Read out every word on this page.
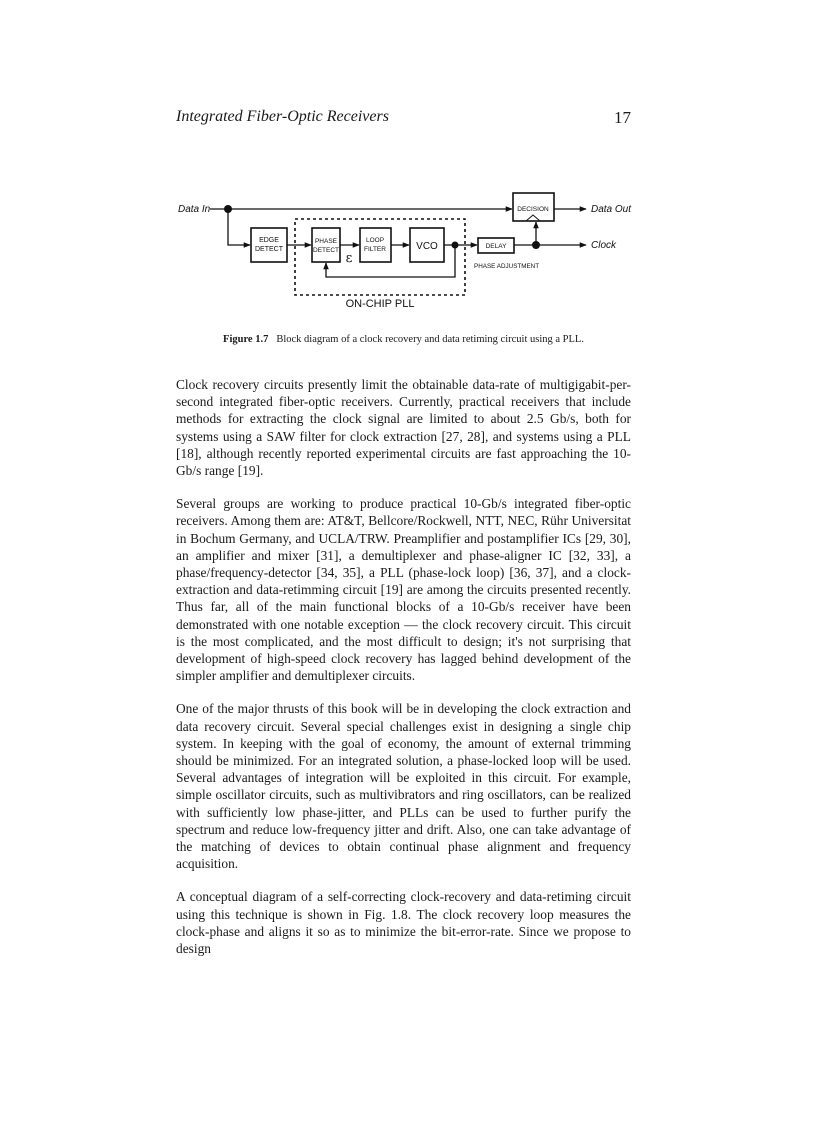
Integrated Fiber-Optic Receivers	17
Data In
EDGE
DETECT
ON-CHIP PLL
PHASE
DETECT
ε
LOOP
FILTER	VCO	DELAY
PHASE ADJUSTMENT
Clock
DECISION	Data Out
Figure 1.7 Block diagram of a clock recovery and data retiming circuit using a PLL.

Clock recovery circuits presently limit the obtainable data-rate of multigigabit-per-second integrated fiber-optic receivers. Currently, practical receivers that include methods for extracting the clock signal are limited to about 2.5 Gb/s, both for systems using a SAW filter for clock extraction [27, 28], and systems using a PLL [18], although recently reported experimental circuits are fast approaching the 10-Gb/s range [19].

Several groups are working to produce practical 10-Gb/s integrated fiber-optic receivers. Among them are: AT&T, Bellcore/Rockwell, NTT, NEC, Rühr Universitat in Bochum Germany, and UCLA/TRW. Preamplifier and postamplifier ICs [29, 30], an amplifier and mixer [31], a demultiplexer and phase-aligner IC [32, 33], a phase/frequency-detector [34, 35], a PLL (phase-lock loop) [36, 37], and a clock-extraction and data-retimming circuit [19] are among the circuits presented recently. Thus far, all of the main functional blocks of a 10-Gb/s receiver have been demonstrated with one notable exception — the clock recovery circuit. This circuit is the most complicated, and the most difficult to design; it's not surprising that development of high-speed clock recovery has lagged behind development of the simpler amplifier and demultiplexer circuits.

One of the major thrusts of this book will be in developing the clock extraction and data recovery circuit. Several special challenges exist in designing a single chip system. In keeping with the goal of economy, the amount of external trimming should be minimized. For an integrated solution, a phase-locked loop will be used. Several advantages of integration will be exploited in this circuit. For example, simple oscillator circuits, such as multivibrators and ring oscillators, can be realized with sufficiently low phase-jitter, and PLLs can be used to further purify the spectrum and reduce low-frequency jitter and drift. Also, one can take advantage of the matching of devices to obtain continual phase alignment and frequency acquisition.

A conceptual diagram of a self-correcting clock-recovery and data-retiming circuit using this technique is shown in Fig. 1.8. The clock recovery loop measures the clock-phase and aligns it so as to minimize the bit-error-rate. Since we propose to design
